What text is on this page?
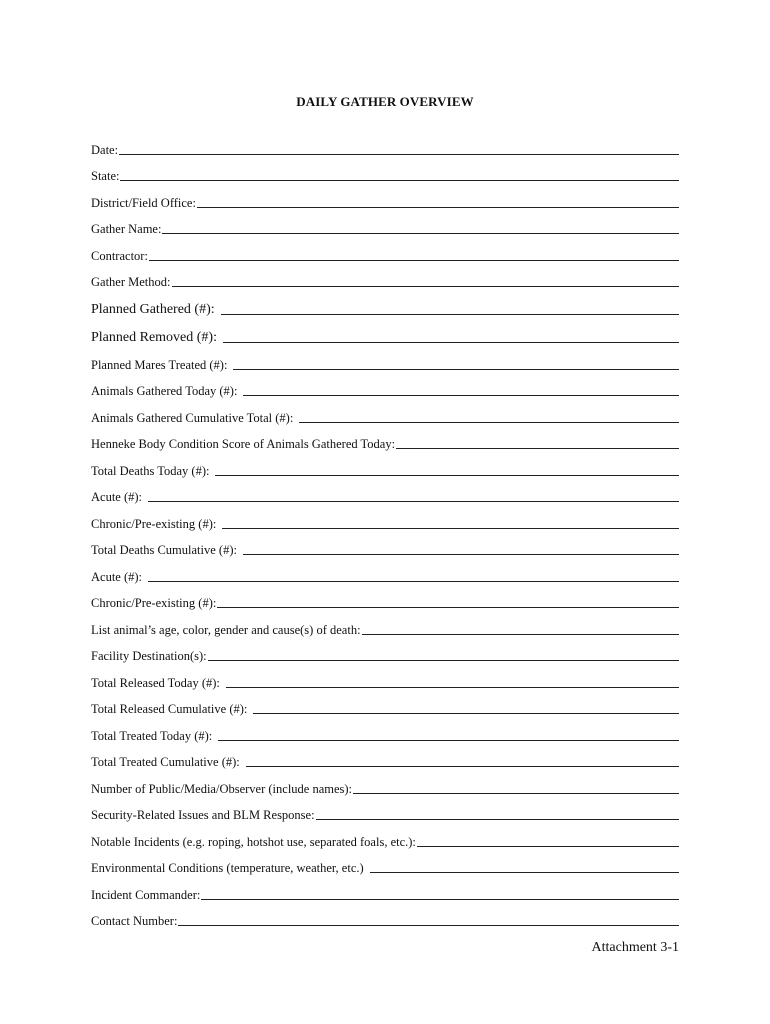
DAILY GATHER OVERVIEW
Date:
State:
District/Field Office:
Gather Name:
Contractor:
Gather Method:
Planned Gathered (#):
Planned Removed (#):
Planned Mares Treated (#):
Animals Gathered Today (#):
Animals Gathered Cumulative Total (#):
Henneke Body Condition Score of Animals Gathered Today:
Total Deaths Today (#):
Acute (#):
Chronic/Pre-existing (#):
Total Deaths Cumulative (#):
Acute (#):
Chronic/Pre-existing (#):
List animal’s age, color, gender and cause(s) of death:
Facility Destination(s):
Total Released Today (#):
Total Released Cumulative (#):
Total Treated Today (#):
Total Treated Cumulative (#):
Number of Public/Media/Observer (include names):
Security-Related Issues and BLM Response:
Notable Incidents (e.g. roping, hotshot use, separated foals, etc.):
Environmental Conditions (temperature, weather, etc.)
Incident Commander:
Contact Number:
Attachment 3-1
